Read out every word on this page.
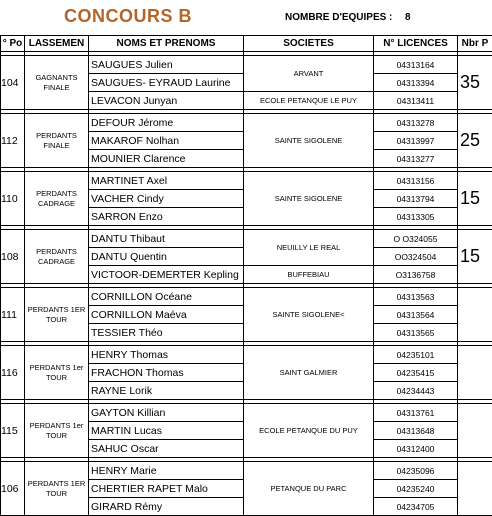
CONCOURS B	NOMBRE D'EQUIPES : 8
° Po	LASSEMEN	NOMS ET PRENOMS	SOCIETES	N° LICENCES	Nbr P

104	GAGNANTS FINALE	SAUGUES Julien	ARVANT	04313164	35
		SAUGUES- EYRAUD Laurine		04313394	
		LEVACON Junyan	ECOLE PETANQUE LE PUY	04313411	

112	PERDANTS FINALE	DEFOUR Jérome	SAINTE SIGOLENE	04313278	25
		MAKAROF Nolhan		04313997	
		MOUNIER Clarence		04313277	

110	PERDANTS CADRAGE	MARTINET Axel	SAINTE SIGOLENE	04313156	15
		VACHER Cindy		04313794	
		SARRON Enzo		04313305	

108	PERDANTS CADRAGE	DANTU Thibaut	NEUILLY LE REAL	O O324055	15
		DANTU Quentin		OO324504	
		VICTOOR-DEMERTER Kepling	BUFFEBIAU	O3136758	

111	PERDANTS 1ER TOUR	CORNILLON Océane	SAINTE SIGOLENE<	04313563	
		CORNILLON Maéva		04313564	
		TESSIER Théo		04313565	

116	PERDANTS 1er TOUR	HENRY Thomas	SAINT GALMIER	04235101	
		FRACHON Thomas		04235415	
		RAYNE Lorik		04234443	

115	PERDANTS 1er TOUR	GAYTON Killian	ECOLE PETANQUE DU PUY	04313761	
		MARTIN Lucas		04313648	
		SAHUC Oscar		04312400	

106	PERDANTS 1ER TOUR	HENRY Marie	PETANQUE DU PARC	04235096	
		CHERTIER RAPET Malo		04235240	
		GIRARD Rémy		04234705	
